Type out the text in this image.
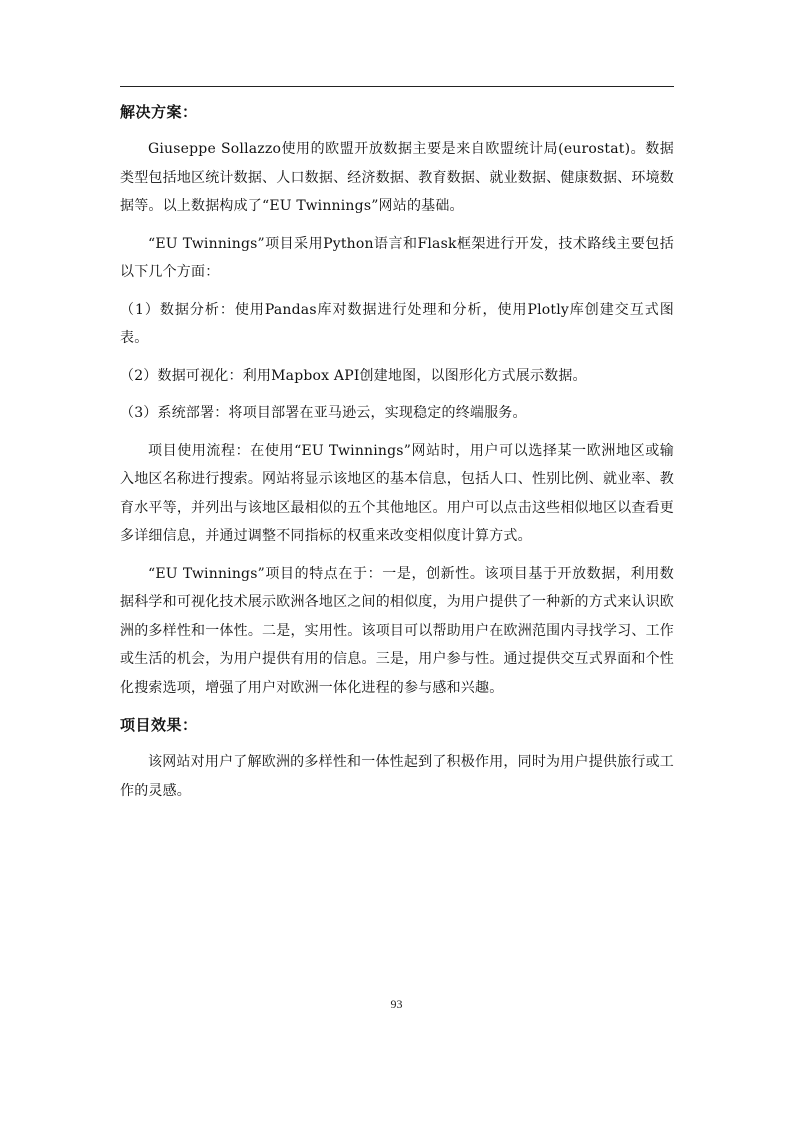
解决方案：

Giuseppe Sollazzo使用的欧盟开放数据主要是来自欧盟统计局(eurostat)。数据类型包括地区统计数据、人口数据、经济数据、教育数据、就业数据、健康数据、环境数据等。以上数据构成了“EU Twinnings”网站的基础。

“EU Twinnings”项目采用Python语言和Flask框架进行开发，技术路线主要包括以下几个方面：

（1）数据分析：使用Pandas库对数据进行处理和分析，使用Plotly库创建交互式图表。

（2）数据可视化：利用Mapbox API创建地图，以图形化方式展示数据。

（3）系统部署：将项目部署在亚马逊云，实现稳定的终端服务。

项目使用流程：在使用“EU Twinnings”网站时，用户可以选择某一欧洲地区或输入地区名称进行搜索。网站将显示该地区的基本信息，包括人口、性别比例、就业率、教育水平等，并列出与该地区最相似的五个其他地区。用户可以点击这些相似地区以查看更多详细信息，并通过调整不同指标的权重来改变相似度计算方式。

“EU Twinnings”项目的特点在于：一是，创新性。该项目基于开放数据，利用数据科学和可视化技术展示欧洲各地区之间的相似度，为用户提供了一种新的方式来认识欧洲的多样性和一体性。二是，实用性。该项目可以帮助用户在欧洲范围内寻找学习、工作或生活的机会，为用户提供有用的信息。三是，用户参与性。通过提供交互式界面和个性化搜索选项，增强了用户对欧洲一体化进程的参与感和兴趣。

项目效果：

该网站对用户了解欧洲的多样性和一体性起到了积极作用，同时为用户提供旅行或工作的灵感。

93
